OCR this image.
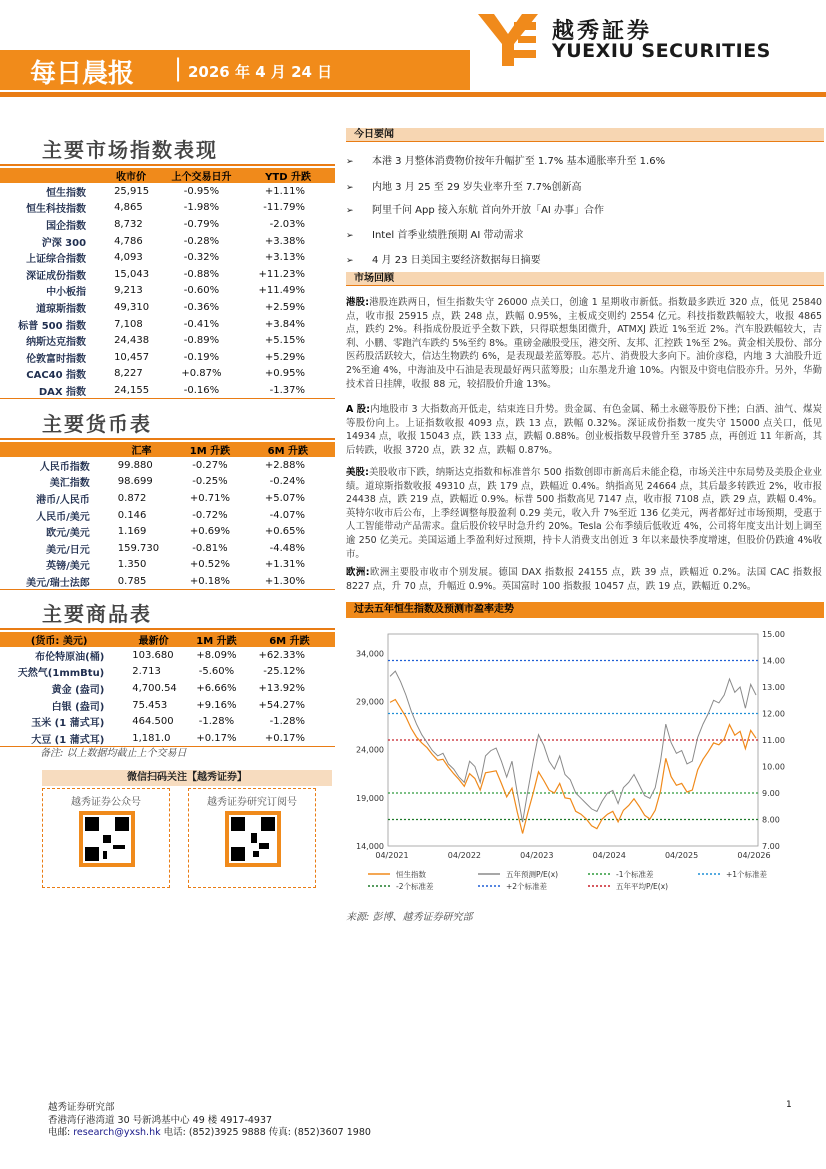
每日晨报 | 2026 年 4 月 24 日
越秀証券
YUEXIU SECURITIES
主要市场指数表现
	收市价	上个交易日升	YTD 升跌
恒生指数	25,915	-0.95%	+1.11%
恒生科技指数	4,865	-1.98%	-11.79%
国企指数	8,732	-0.79%	-2.03%
沪深 300	4,786	-0.28%	+3.38%
上证综合指数	4,093	-0.32%	+3.13%
深证成份指数	15,043	-0.88%	+11.23%
中小板指	9,213	-0.60%	+11.49%
道琼斯指数	49,310	-0.36%	+2.59%
标普 500 指数	7,108	-0.41%	+3.84%
纳斯达克指数	24,438	-0.89%	+5.15%
伦敦富时指数	10,457	-0.19%	+5.29%
CAC40 指数	8,227	+0.87%	+0.95%
DAX 指数	24,155	-0.16%	-1.37%
主要货币表
	汇率	1M 升跌	6M 升跌
人民币指数	99.880	-0.27%	+2.88%
美汇指数	98.699	-0.25%	-0.24%
港币/人民币	0.872	+0.71%	+5.07%
人民币/美元	0.146	-0.72%	-4.07%
欧元/美元	1.169	+0.69%	+0.65%
美元/日元	159.730	-0.81%	-4.48%
英镑/美元	1.350	+0.52%	+1.31%
美元/瑞士法郎	0.785	+0.18%	+1.30%
主要商品表
(货币: 美元)	最新价	1M 升跌	6M 升跌
布伦特原油(桶)	103.680	+8.09%	+62.33%
天然气(1mmBtu)	2.713	-5.60%	-25.12%
黄金 (盎司)	4,700.54	+6.66%	+13.92%
白银 (盎司)	75.453	+9.16%	+54.27%
玉米 (1 蒲式耳)	464.500	-1.28%	-1.28%
大豆 (1 蒲式耳)	1,181.0	+0.17%	+0.17%
备注: 以上数据均截止上个交易日
微信扫码关注【越秀证券】
越秀证券公众号	越秀证券研究订阅号
今日要闻
➢ 本港 3 月整体消费物价按年升幅扩至 1.7% 基本通胀率升至 1.6%
➢ 内地 3 月 25 至 29 岁失业率升至 7.7%创新高
➢ 阿里千问 App 接入东航 首向外开放「AI 办事」合作
➢ Intel 首季业绩胜预期 AI 带动需求
➢ 4 月 23 日美国主要经济数据每日摘要
市场回顾
港股:港股连跌两日，恒生指数失守 26000 点关口，创逾 1 星期收市新低。指数最多跌近 320 点，低见 25840 点，收市报 25915 点，跌 248 点，跌幅 0.95%，主板成交则约 2554 亿元。科技指数跌幅较大，收报 4865 点，跌约 2%。科指成份股近乎全数下跌，只得联想集团微升，ATMXJ 跌近 1%至近 2%。汽车股跌幅较大，吉利、小鹏、零跑汽车跌约 5%至约 8%。重磅金融股受压，港交所、友邦、汇控跌 1%至 2%。黄金相关股份、部分医药股活跃较大，信达生物跌约 6%，是表现最差蓝筹股。芯片、消费股大多向下。油价彦稳，内地 3 大油股升近 2%至逾 4%，中海油及中石油是表现最好两只蓝筹股；山东墨龙升逾 10%。内银及中资电信股亦升。另外，华勤技术首日挂牌，收报 88 元，较招股价升逾 13%。
A 股:内地股市 3 大指数高开低走，结束连日升势。贵金属、有色金属、稀土永磁等股份下挫；白酒、油气、煤炭等股份向上。上证指数收报 4093 点，跌 13 点，跌幅 0.32%。深证成份指数一度失守 15000 点关口，低见 14934 点，收报 15043 点，跌 133 点，跌幅 0.88%。创业板指数早段曾升至 3785 点，再创近 11 年新高，其后转跌，收报 3720 点，跌 32 点，跌幅 0.87%。
美股:美股收市下跌，纳斯达克指数和标准普尔 500 指数创即市新高后未能企稳，市场关注中东局势及美股企业业绩。道琼斯指数收报 49310 点，跌 179 点，跌幅近 0.4%。纳指高见 24664 点，其后最多转跌近 2%，收市报 24438 点，跌 219 点，跌幅近 0.9%。标普 500 指数高见 7147 点，收市报 7108 点，跌 29 点，跌幅 0.4%。英特尔收市后公布，上季经调整每股盈利 0.29 美元，收入升 7%至近 136 亿美元，两者都好过市场预期，受惠于人工智能带动产品需求。盘后股价较早时急升约 20%。Tesla 公布季绩后低收近 4%，公司将年度支出计划上调至逾 250 亿美元。美国运通上季盈利好过预期，持卡人消费支出创近 3 年以来最快季度增速，但股价仍跌逾 4%收市。
欧洲:欧洲主要股市收市个别发展。德国 DAX 指数报 24155 点，跌 39 点，跌幅近 0.2%。法国 CAC 指数报 8227 点，升 70 点，升幅近 0.9%。英国富时 100 指数报 10457 点，跌 19 点，跌幅近 0.2%。
过去五年恒生指数及预测市盈率走势
34,000
29,000
24,000
19,000
14,000
15.00
14.00
13.00
12.00
11.00
10.00
9.00
8.00
7.00
04/2021	04/2022	04/2023	04/2024	04/2025	04/2026
恒生指数	五年预测P/E(x)	-1个标准差	+1个标准差
-2个标准差	+2个标准差	五年平均P/E(x)
来源: 彭博、越秀证券研究部
越秀证券研究部
香港湾仔港湾道 30 号新鸿基中心 49 楼 4917-4937
电邮: research@yxsh.hk 电话: (852)3925 9888 传真: (852)3607 1980
1
